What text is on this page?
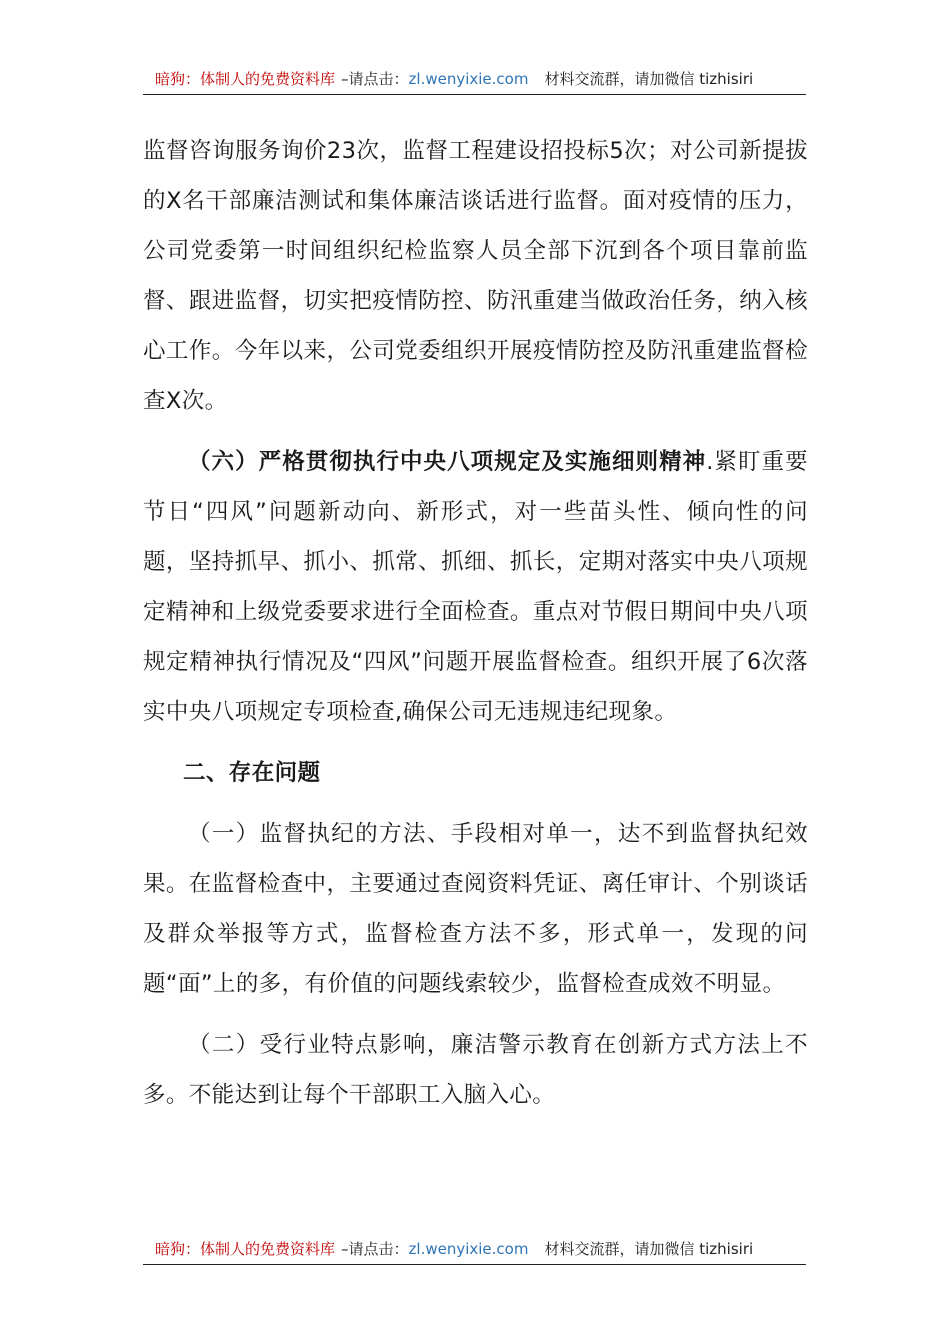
暗狗：体制人的免费资料库 –请点击： zl.wenyixie.com 材料交流群，请加微信 tizhisiri

监督咨询服务询价23次，监督工程建设招投标5次；对公司新提拔的X名干部廉洁测试和集体廉洁谈话进行监督。面对疫情的压力，公司党委第一时间组织纪检监察人员全部下沉到各个项目靠前监督、跟进监督，切实把疫情防控、防汛重建当做政治任务，纳入核心工作。今年以来，公司党委组织开展疫情防控及防汛重建监督检查X次。

（六）严格贯彻执行中央八项规定及实施细则精神.紧盯重要节日“四风”问题新动向、新形式，对一些苗头性、倾向性的问题，坚持抓早、抓小、抓常、抓细、抓长，定期对落实中央八项规定精神和上级党委要求进行全面检查。重点对节假日期间中央八项规定精神执行情况及“四风”问题开展监督检查。组织开展了6次落实中央八项规定专项检查,确保公司无违规违纪现象。

二、存在问题

（一）监督执纪的方法、手段相对单一，达不到监督执纪效果。在监督检查中，主要通过查阅资料凭证、离任审计、个别谈话及群众举报等方式，监督检查方法不多，形式单一，发现的问题“面”上的多，有价值的问题线索较少，监督检查成效不明显。

（二）受行业特点影响，廉洁警示教育在创新方式方法上不多。不能达到让每个干部职工入脑入心。

暗狗：体制人的免费资料库 –请点击： zl.wenyixie.com 材料交流群，请加微信 tizhisiri
